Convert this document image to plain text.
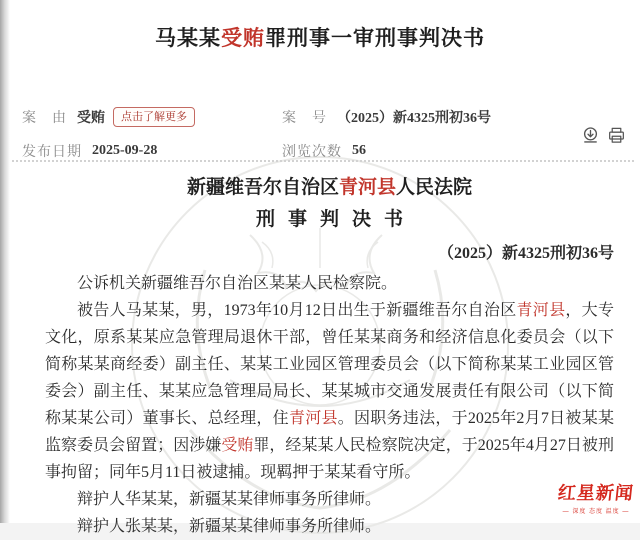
马某某受贿罪刑事一审刑事判决书
案　由 受贿	点击了解更多	案　号 （2025）新4325刑初36号
发布日期 2025-09-28	浏览次数 56
新疆维吾尔自治区青河县人民法院
刑事判决书
（2025）新4325刑初36号

公诉机关新疆维吾尔自治区某某人民检察院。

被告人马某某，男，1973年10月12日出生于新疆维吾尔自治区青河县，大专文化，原系某某应急管理局退休干部，曾任某某商务和经济信息化委员会（以下简称某某商经委）副主任、某某工业园区管理委员会（以下简称某某工业园区管委会）副主任、某某应急管理局局长、某某城市交通发展责任有限公司（以下简称某某公司）董事长、总经理，住青河县。因职务违法，于2025年2月7日被某某监察委员会留置；因涉嫌受贿罪，经某某人民检察院决定，于2025年4月27日被刑事拘留；同年5月11日被逮捕。现羁押于某某看守所。

辩护人华某某，新疆某某律师事务所律师。

辩护人张某某，新疆某某律师事务所律师。

红星新闻
— 深度 态度 温度 —
